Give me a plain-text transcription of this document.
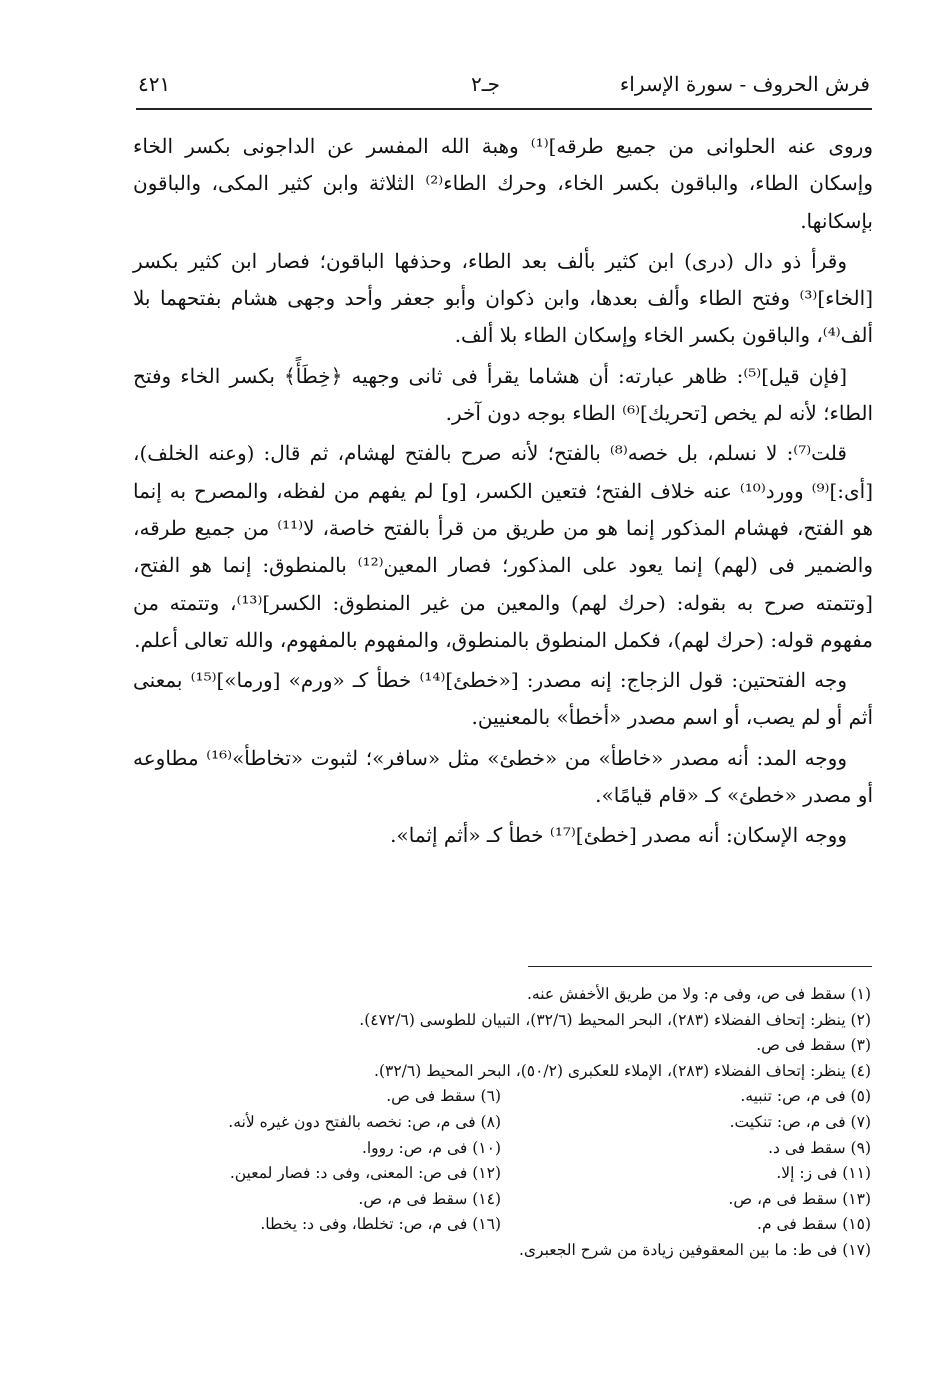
فرش الحروف - سورة الإسراء
جـ٢
٤٢١

وروى عنه الحلوانى من جميع طرقه]⁽¹⁾ وهبة الله المفسر عن الداجونى بكسر الخاء وإسكان الطاء، والباقون بكسر الخاء، وحرك الطاء⁽²⁾ الثلاثة وابن كثير المكى، والباقون بإسكانها.

وقرأ ذو دال (درى) ابن كثير بألف بعد الطاء، وحذفها الباقون؛ فصار ابن كثير بكسر [الخاء]⁽³⁾ وفتح الطاء وألف بعدها، وابن ذكوان وأبو جعفر وأحد وجهى هشام بفتحهما بلا ألف⁽⁴⁾، والباقون بكسر الخاء وإسكان الطاء بلا ألف.

[فإن قيل]⁽⁵⁾: ظاهر عبارته: أن هشاما يقرأ فى ثانى وجهيه ﴿خِطَأً﴾ بكسر الخاء وفتح الطاء؛ لأنه لم يخص [تحريك]⁽⁶⁾ الطاء بوجه دون آخر.

قلت⁽⁷⁾: لا نسلم، بل خصه⁽⁸⁾ بالفتح؛ لأنه صرح بالفتح لهشام، ثم قال: (وعنه الخلف)، [أى:]⁽⁹⁾ وورد⁽¹⁰⁾ عنه خلاف الفتح؛ فتعين الكسر، [و] لم يفهم من لفظه، والمصرح به إنما هو الفتح، فهشام المذكور إنما هو من طريق من قرأ بالفتح خاصة، لا⁽¹¹⁾ من جميع طرقه، والضمير فى (لهم) إنما يعود على المذكور؛ فصار المعين⁽¹²⁾ بالمنطوق: إنما هو الفتح، [وتتمته صرح به بقوله: (حرك لهم) والمعين من غير المنطوق: الكسر]⁽¹³⁾، وتتمته من مفهوم قوله: (حرك لهم)، فكمل المنطوق بالمنطوق، والمفهوم بالمفهوم، والله تعالى أعلم.

وجه الفتحتين: قول الزجاج: إنه مصدر: [«خطئ]⁽¹⁴⁾ خطأ كـ «ورم» [ورما»]⁽¹⁵⁾ بمعنى أثم أو لم يصب، أو اسم مصدر «أخطأ» بالمعنيين.

ووجه المد: أنه مصدر «خاطأ» من «خطئ» مثل «سافر»؛ لثبوت «تخاطأ»⁽¹⁶⁾ مطاوعه أو مصدر «خطئ» كـ «قام قيامًا».

ووجه الإسكان: أنه مصدر [خطئ]⁽¹⁷⁾ خطأ كـ «أثم إثما».

(١) سقط فى ص، وفى م: ولا من طريق الأخفش عنه.
(٢) ينظر: إتحاف الفضلاء (٢٨٣)، البحر المحيط (٣٢/٦)، التبيان للطوسى (٤٧٢/٦).
(٣) سقط فى ص.
(٤) ينظر: إتحاف الفضلاء (٢٨٣)، الإملاء للعكبرى (٥٠/٢)، البحر المحيط (٣٢/٦).
(٥) فى م، ص: تنبيه.
(٦) سقط فى ص.
(٧) فى م، ص: تنكيت.
(٨) فى م، ص: نخصه بالفتح دون غيره لأنه.
(٩) سقط فى د.
(١٠) فى م، ص: رووا.
(١١) فى ز: إلا.
(١٢) فى ص: المعنى، وفى د: فصار لمعين.
(١٣) سقط فى م، ص.
(١٤) سقط فى م، ص.
(١٥) سقط فى م.
(١٦) فى م، ص: تخلطا، وفى د: يخطا.
(١٧) فى ط: ما بين المعقوفين زيادة من شرح الجعبرى.
